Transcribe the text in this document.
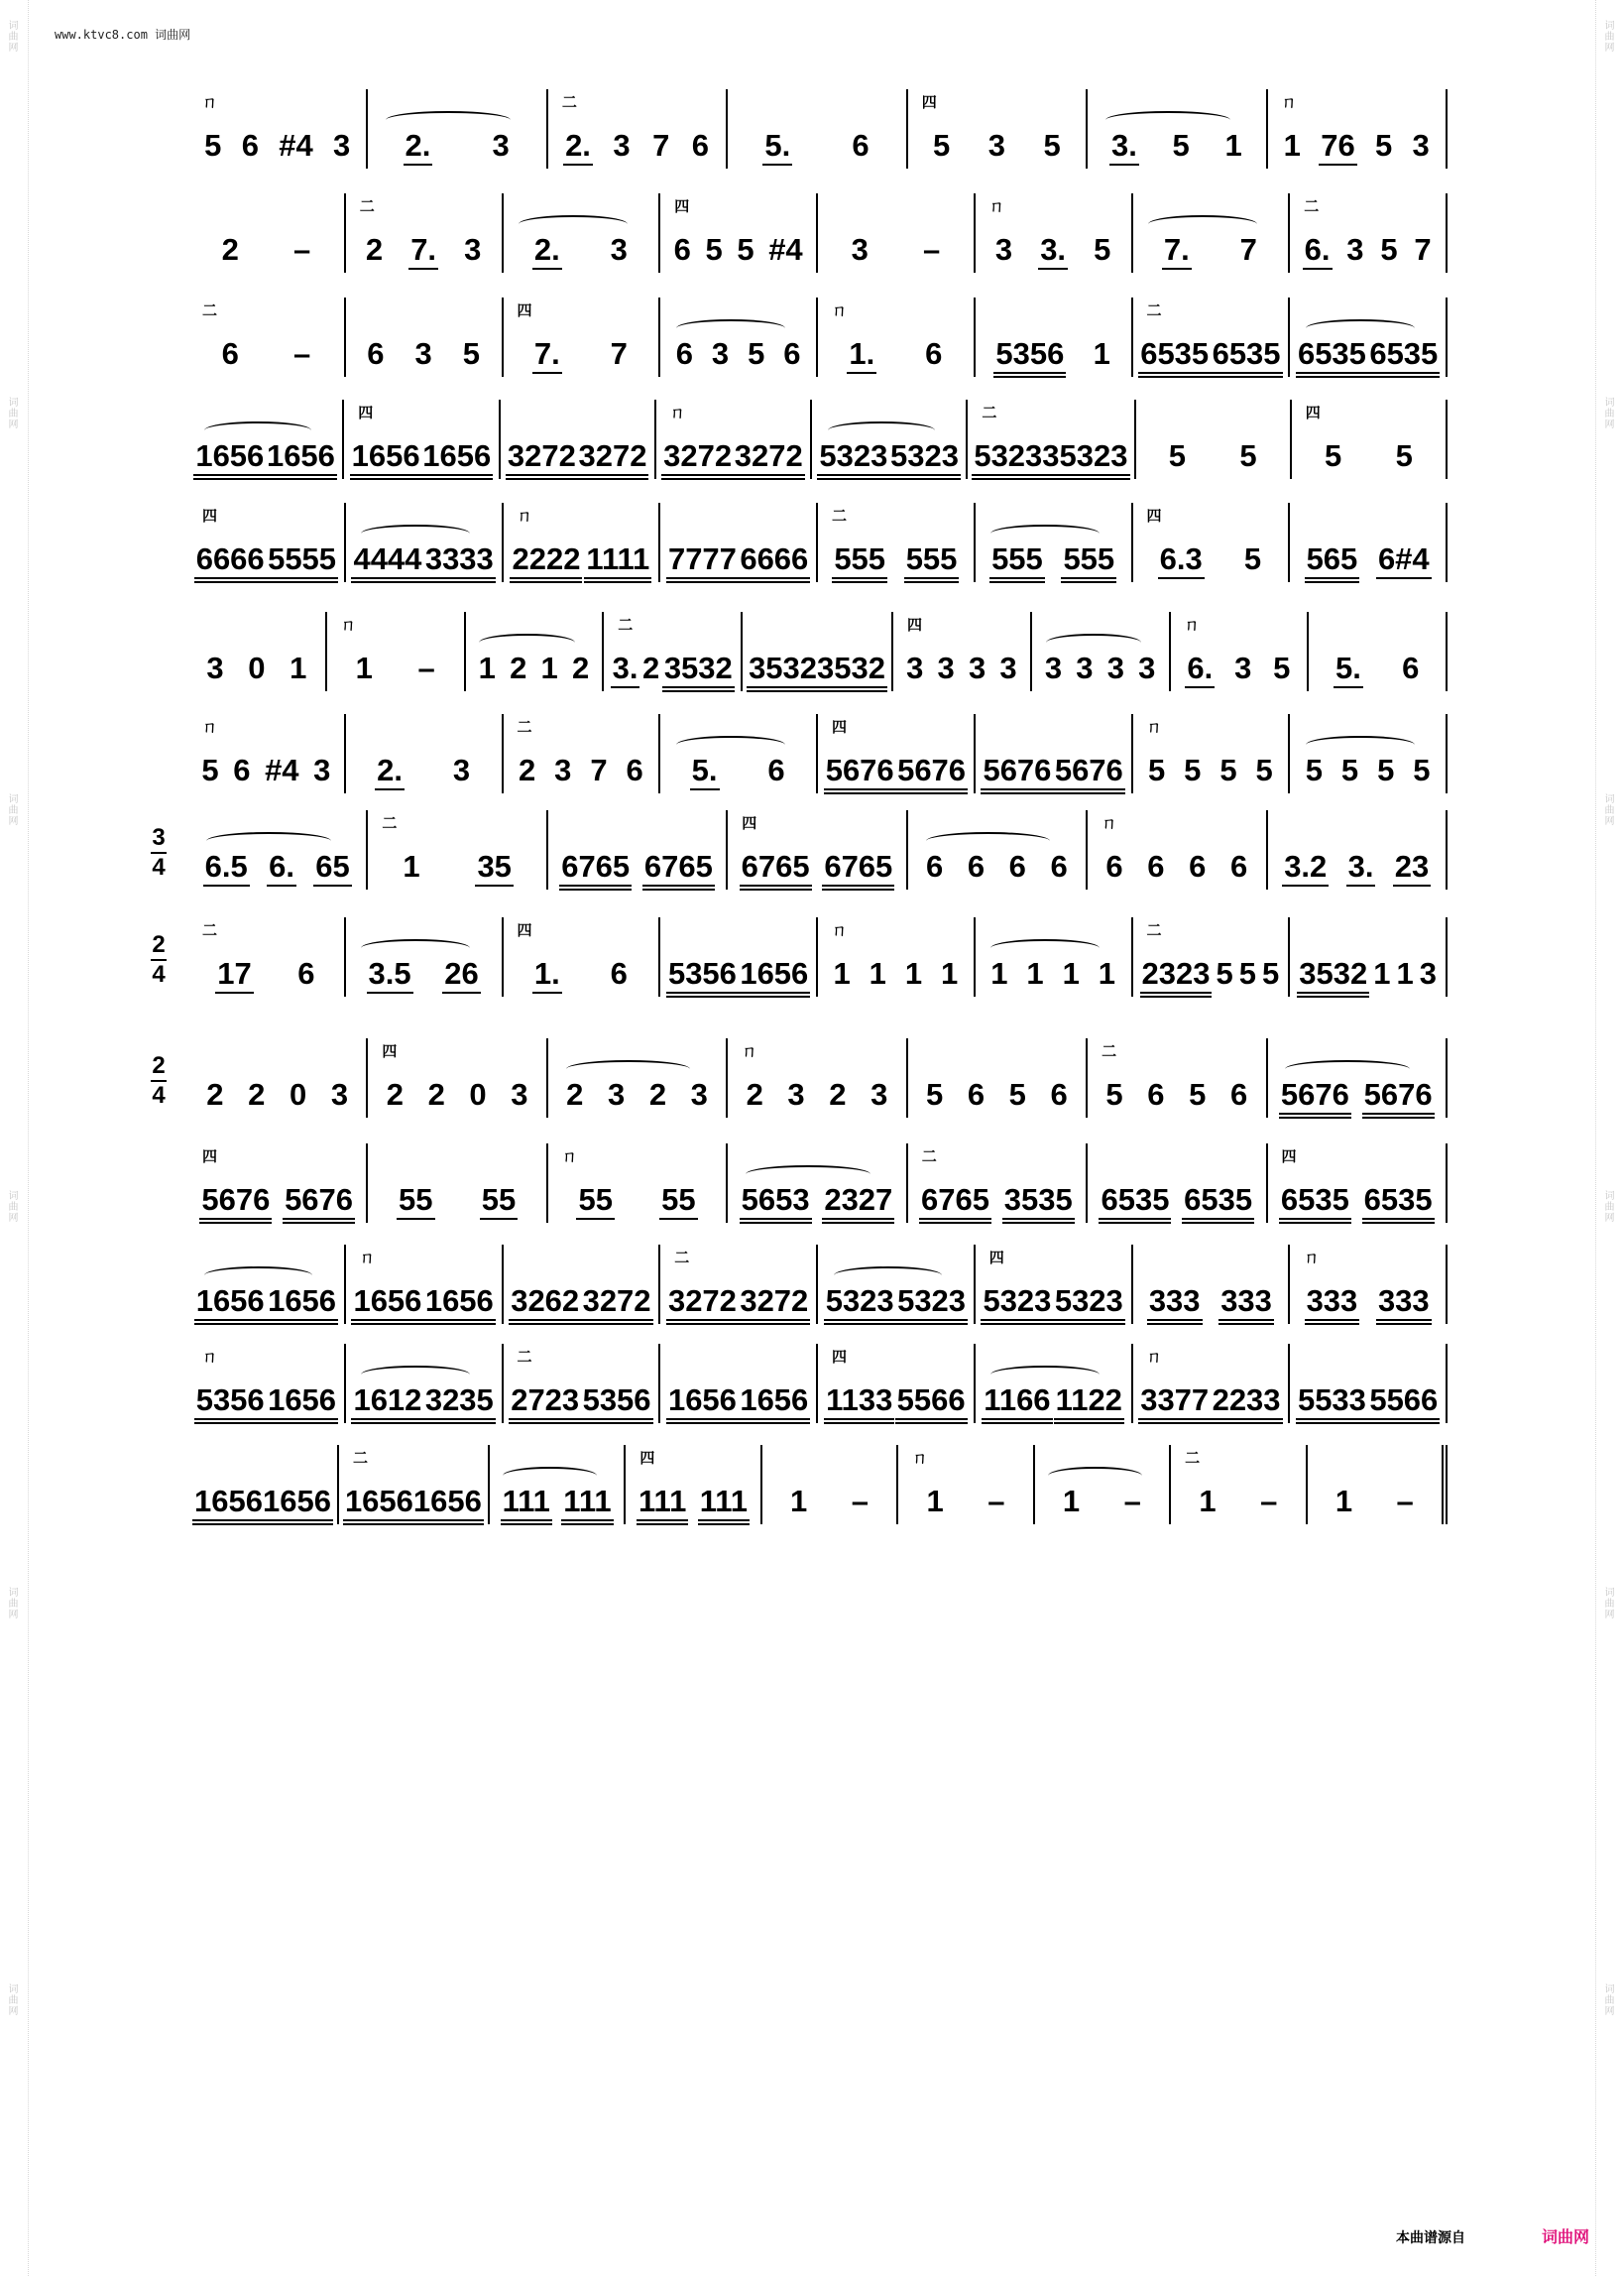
词曲网
词曲网
词曲网
词曲网
词曲网
词曲网
词曲网
词曲网
词曲网
词曲网
词曲网
词曲网
www.ktvc8.com 词曲网
5 6 #4 3
ㄇ
2. 3 2. 3 7 6
二
5. 6 5 3 5
四
3. 5 1 1 76 5 3
ㄇ
2 – 2 7. 3
二
2. 3 6 5 5 #4
四
3 – 3 3. 5
ㄇ
7. 7 6. 3 5 7
二
6 –
二
6 3 5 7. 7
四
6 3 5 6 1. 6
ㄇ
5356 1 6535 6535
二
6535 6535
1656 1656 1656 1656
四
3272 3272 3272 3272
ㄇ
5323 5323 53233 5323
二
5 5 5 5
四
6666 5555
四
4444 3333 2222 1111
ㄇ
7777 6666 555 555
二
555 555 6.3 5
四
565 6#4
3 0 1 1 –
ㄇ
1 2 1 2 3. 2 3532
二
3532 3532 3 3 3 3
四
3 3 3 3 6. 3 5
ㄇ
5. 6
5 6 #4 3
ㄇ
2. 3 2 3 7 6
二
5. 6 5676 5676
四
5676 5676 5 5 5 5
ㄇ
5 5 5 5
3
4 6.5 6. 65 1 35
二
6765 6765 6765 6765
四
6 6 6 6 6 6 6 6
ㄇ
3.2 3. 23
2
4 17 6
二
3.5 26 1. 6
四
5356 1656 1 1 1 1
ㄇ
1 1 1 1 2323 5 5 5
二
3532 1 1 3
2
4 2 2 0 3 2 2 0 3
四
2 3 2 3 2 3 2 3
ㄇ
5 6 5 6 5 6 5 6
二
5676 5676
5676 5676
四
55 55 55 55
ㄇ
5653 2327 6765 3535
二
6535 6535 6535 6535
四
1656 1656 1656 1656
ㄇ
3262 3272 3272 3272
二
5323 5323 5323 5323
四
333 333 333 333
ㄇ
5356 1656
ㄇ
1612 3235 2723 5356
二
1656 1656 1133 5566
四
1166 1122 3377 2233
ㄇ
5533 5566
1656 1656 1656 1656
二
111 111 111 111
四
1 – 1 –
ㄇ
1 – 1 –
二
1 –
本曲谱源自	词曲网
